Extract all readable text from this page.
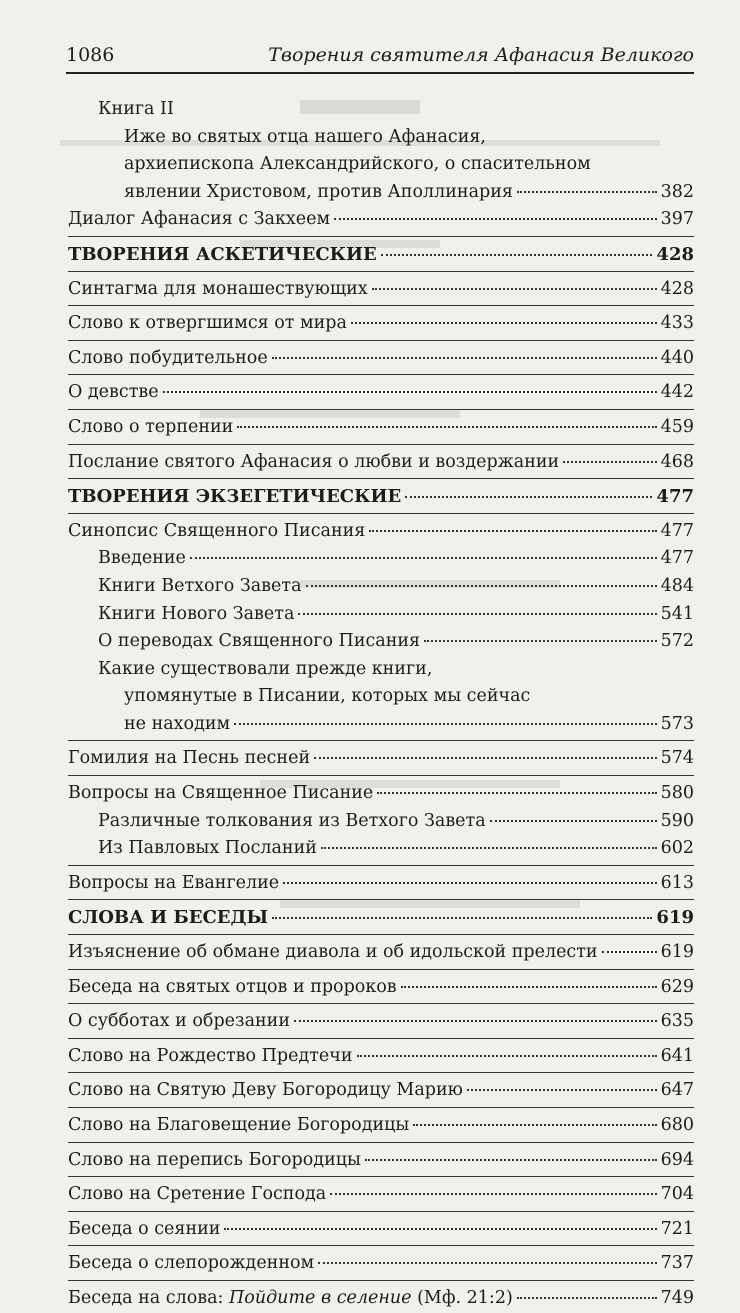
1086	Творения святителя Афанасия Великого
Книга II
Иже во святых отца нашего Афанасия,
архиепископа Александрийского, о спасительном
явлении Христовом, против Аполлинария	382
Диалог Афанасия с Закхеем	397
ТВОРЕНИЯ АСКЕТИЧЕСКИЕ	428
Синтагма для монашествующих	428
Слово к отвергшимся от мира	433
Слово побудительное	440
О девстве	442
Слово о терпении	459
Послание святого Афанасия о любви и воздержании	468
ТВОРЕНИЯ ЭКЗЕГЕТИЧЕСКИЕ	477
Синопсис Священного Писания	477
Введение	477
Книги Ветхого Завета	484
Книги Нового Завета	541
О переводах Священного Писания	572
Какие существовали прежде книги,
упомянутые в Писании, которых мы сейчас
не находим	573
Гомилия на Песнь песней	574
Вопросы на Священное Писание	580
Различные толкования из Ветхого Завета	590
Из Павловых Посланий	602
Вопросы на Евангелие	613
СЛОВА И БЕСЕДЫ	619
Изъяснение об обмане диавола и об идольской прелести	619
Беседа на святых отцов и пророков	629
О субботах и обрезании	635
Слово на Рождество Предтечи	641
Слово на Святую Деву Богородицу Марию	647
Слово на Благовещение Богородицы	680
Слово на перепись Богородицы	694
Слово на Сретение Господа	704
Беседа о сеянии	721
Беседа о слепорожденном	737
Беседа на слова: Пойдите в селение (Мф. 21:2)	749
